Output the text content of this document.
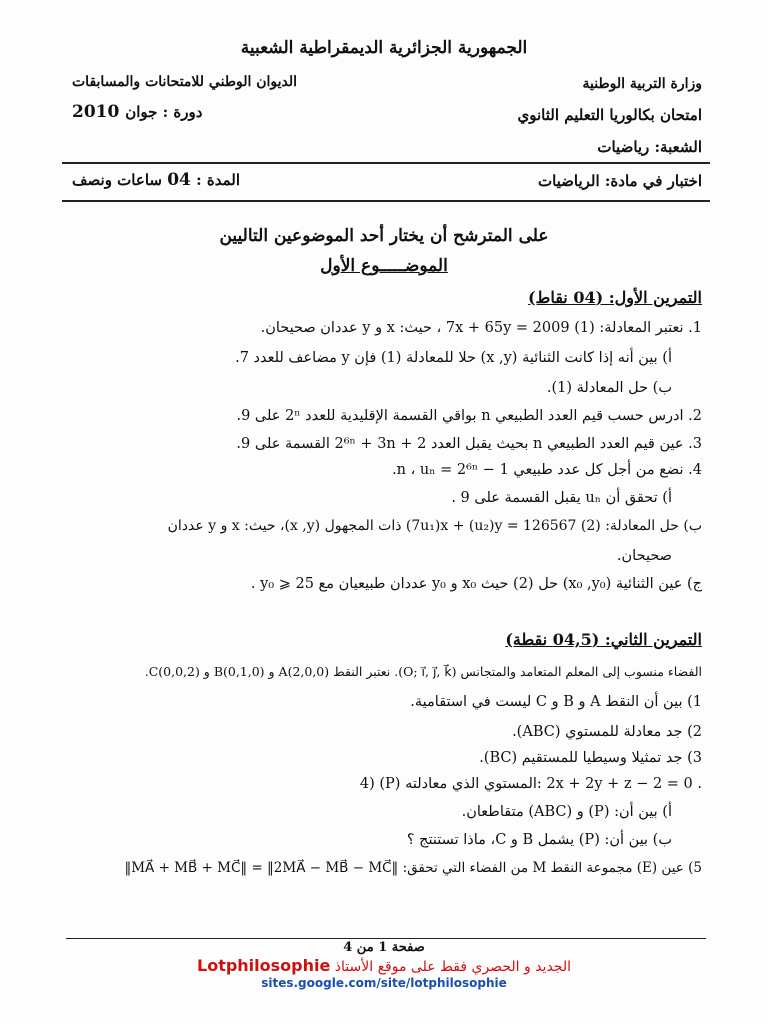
الجمهورية الجزائرية الديمقراطية الشعبية
وزارة التربية الوطنية
الديوان الوطني للامتحانات والمسابقات
امتحان بكالوريا التعليم الثانوي
2010 دورة : جوان
الشعبة: رياضيات
اختبار في مادة: الرياضيات
المدة : 04 ساعات ونصف
على المترشح أن يختار أحد الموضوعين التاليين
الموضـــــوع الأول
التمرين الأول: (04 نقاط)
1. نعتبر المعادلة: (1) 7x + 65y = 2009 ، حيث: x و y عددان صحيحان.
أ) بين أنه إذا كانت الثنائية (x ,y) حلا للمعادلة (1) فإن y مضاعف للعدد 7.
ب) حل المعادلة (1).
2. ادرس حسب قيم العدد الطبيعي n بواقي القسمة الإقليدية للعدد ‪2ⁿ‬ على 9.
3. عين قيم العدد الطبيعي n بحيث يقبل العدد ‪2⁶ⁿ + 3n + 2‬ القسمة على 9.
4. نضع من أجل كل عدد طبيعي n ، ‪uₙ = 2⁶ⁿ − 1‬.
أ) تحقق أن uₙ يقبل القسمة على 9 .
ب) حل المعادلة: (2) ‪(7u₁)x + (u₂)y = 126567‬ ذات المجهول (x ,y)، حيث: x و y عددان
صحيحان.
ج) عين الثنائية (x₀ ,y₀) حل (2) حيث x₀ و y₀ عددان طبيعيان مع ‪y₀ ⩾ 25‬ .
التمرين الثاني: (04,5 نقطة)
الفضاء منسوب إلى المعلم المتعامد والمتجانس (O; i⃗, j⃗, k⃗). نعتبر النقط A(2,0,0) و B(0,1,0) و C(0,0,2).
1) بين أن النقط A و B و C ليست في استقامية.
2) جد معادلة للمستوي (ABC).
3) جد تمثيلا وسيطيا للمستقيم (BC).
4) (P) المستوي الذي معادلته: ‪2x + 2y + z − 2 = 0‬ .
أ) بين أن: (P) و (ABC) متقاطعان.
ب) بين أن: (P) يشمل B و C، ماذا تستنتج ؟
5) عين (E) مجموعة النقط M من الفضاء التي تحقق: ‪‖MA⃗ + MB⃗ + MC⃗‖ = ‖2MA⃗ − MB⃗ − MC⃗‖‬
صفحة 1 من 4
الجديد و الحصري فقط على موقع الأستاذ Lotphilosophie
sites.google.com/site/lotphilosophie
